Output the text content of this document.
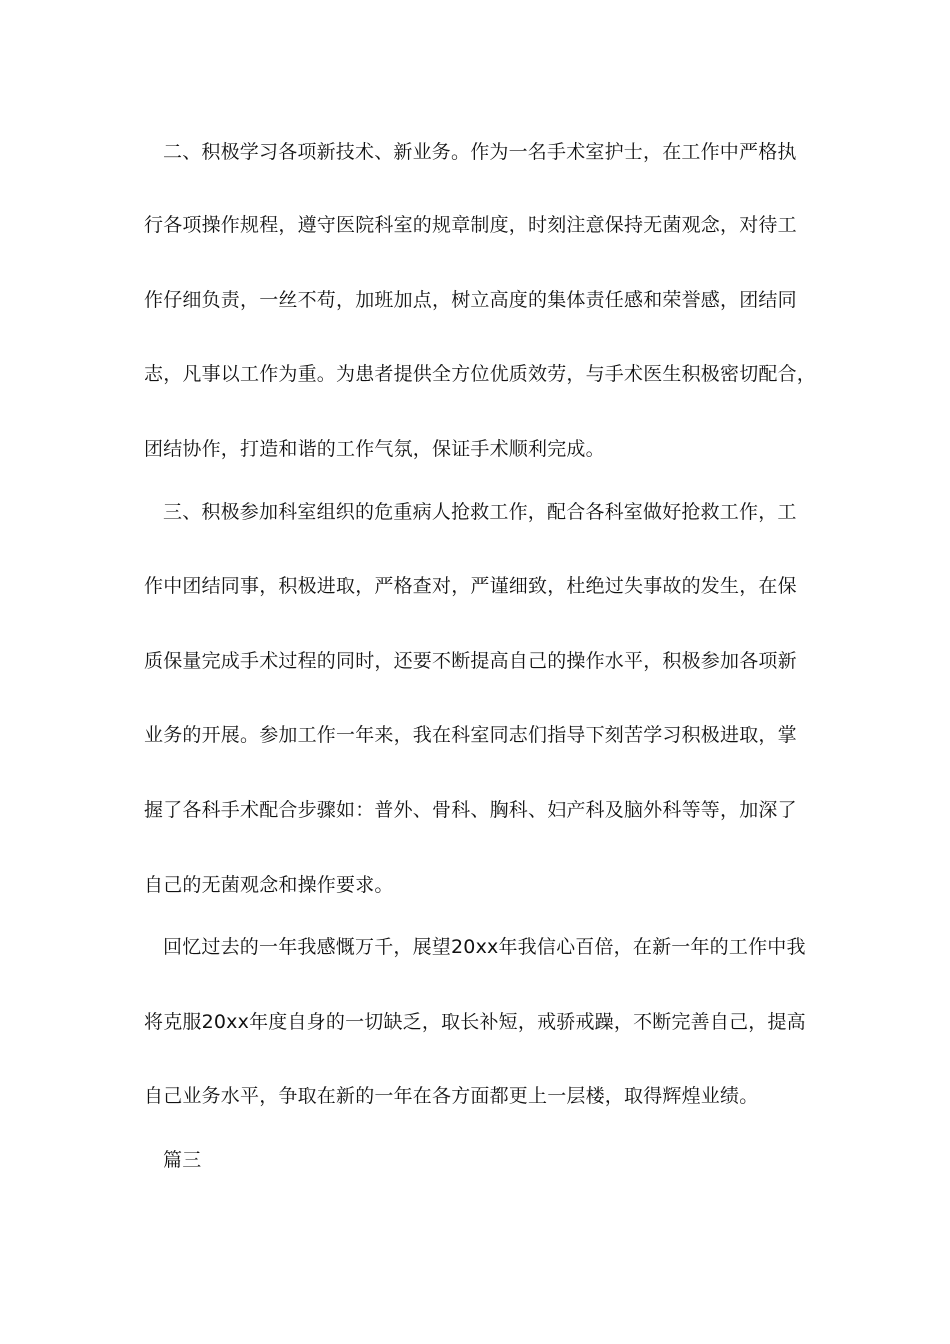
二、积极学习各项新技术、新业务。作为一名手术室护士，在工作中严格执
行各项操作规程，遵守医院科室的规章制度，时刻注意保持无菌观念，对待工
作仔细负责，一丝不苟，加班加点，树立高度的集体责任感和荣誉感，团结同
志，凡事以工作为重。为患者提供全方位优质效劳，与手术医生积极密切配合，
团结协作，打造和谐的工作气氛，保证手术顺利完成。
三、积极参加科室组织的危重病人抢救工作，配合各科室做好抢救工作，工
作中团结同事，积极进取，严格查对，严谨细致，杜绝过失事故的发生，在保
质保量完成手术过程的同时，还要不断提高自己的操作水平，积极参加各项新
业务的开展。参加工作一年来，我在科室同志们指导下刻苦学习积极进取，掌
握了各科手术配合步骤如：普外、骨科、胸科、妇产科及脑外科等等，加深了
自己的无菌观念和操作要求。
回忆过去的一年我感慨万千，展望20xx年我信心百倍，在新一年的工作中我
将克服20xx年度自身的一切缺乏，取长补短，戒骄戒躁，不断完善自己，提高
自己业务水平，争取在新的一年在各方面都更上一层楼，取得辉煌业绩。
篇三
